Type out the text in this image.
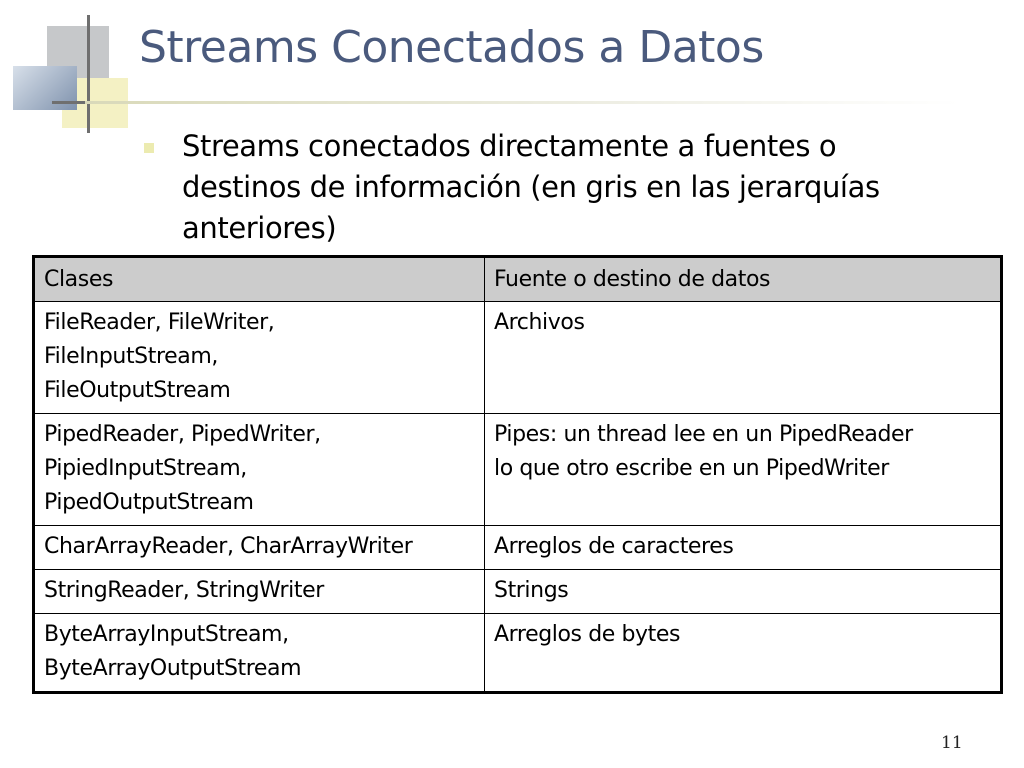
Streams Conectados a Datos

Streams conectados directamente a fuentes o
destinos de información (en gris en las jerarquías
anteriores)

Clases	Fuente o destino de datos

FileReader, FileWriter,
FileInputStream,
FileOutputStream	Archivos

PipedReader, PipedWriter,
PipiedInputStream,
PipedOutputStream	Pipes: un thread lee en un PipedReader
lo que otro escribe en un PipedWriter

CharArrayReader, CharArrayWriter	Arreglos de caracteres

StringReader, StringWriter	Strings

ByteArrayInputStream,
ByteArrayOutputStream	Arreglos de bytes
11
